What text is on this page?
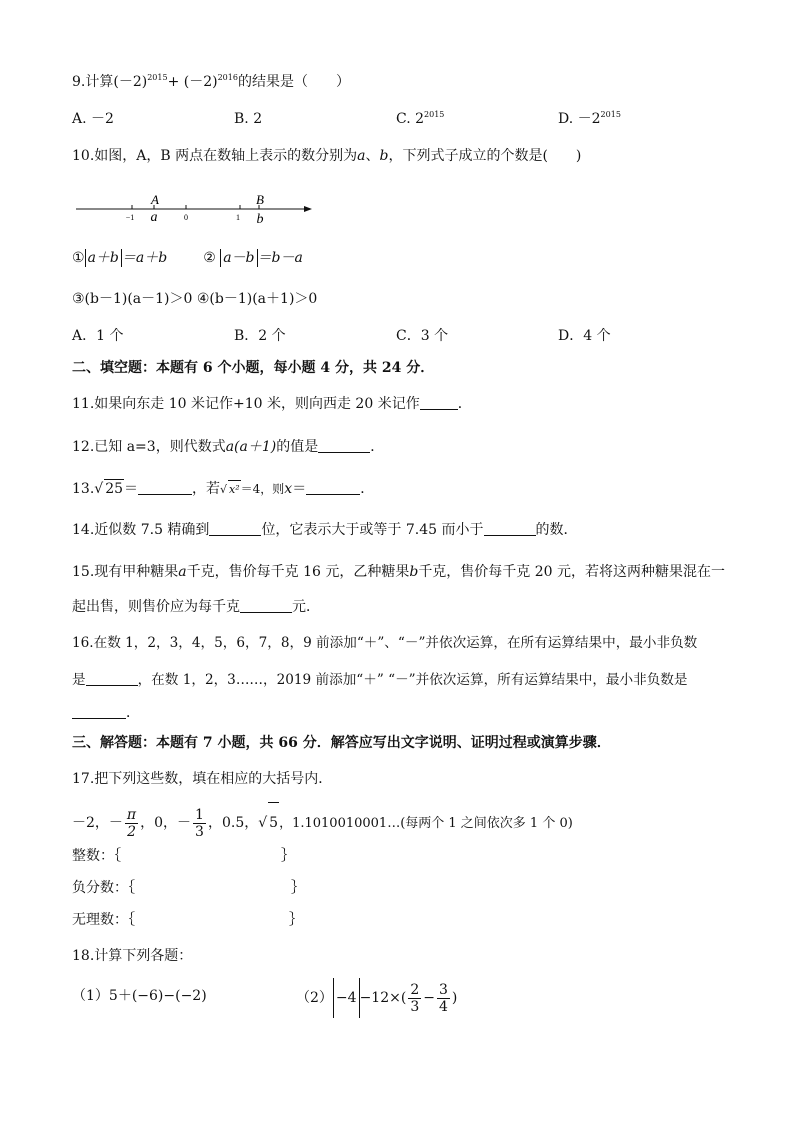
9.计算$(-2)^{2015}+ (-2)^{2016}$的结果是（　　）
A. －2	B. 2	C. $2^{2015}$	D. $-2^{2015}$
10.如图，A，B 两点在数轴上表示的数分别为a、b，下列式子成立的个数是(　　)
A
a
B
b
−1	0	1
① a＋b ＝a＋b	② a－b ＝b－a
③(b－1)(a－1)＞0 ④(b－1)(a＋1)＞0
A．1 个	B．2 个	C．3 个	D．4 个
二、填空题：本题有 6 个小题，每小题 4 分，共 24 分．
11.如果向东走 10 米记作+10 米，则向西走 20 米记作	．
12.已知 a=3，则代数式a(a＋1)的值是	．
13.√ 25＝	，若√ x²＝4，则x＝	．
14.近似数 7.5 精确到	位，它表示大于或等于 7.45 而小于	的数．
15.现有甲种糖果a千克，售价每千克 16 元，乙种糖果b千克，售价每千克 20 元，若将这两种糖果混在一
起出售，则售价应为每千克	元．
16.在数 1，2，3，4，5，6，7，8，9 前添加“＋”、“－”并依次运算，在所有运算结果中，最小非负数
是	，在数 1，2，3……，2019 前添加“＋” “－”并依次运算，所有运算结果中，最小非负数是
．
三、解答题：本题有 7 小题，共 66 分．解答应写出文字说明、证明过程或演算步骤．
17.把下列这些数，填在相应的大括号内．
－2，－ $\frac{\pi}{2}$ ，0，－ $\frac{1}{3}$ ，0.5，√ 5，1.1010010001…(每两个 1 之间依次多 1 个 0)
整数：｛	｝
负分数：｛	｝
无理数：｛	｝
18.计算下列各题：
（1）5＋(−6)−(−2)	$(2) -4 -12\times( \frac{2}{3} - \frac{3}{4}$ )
